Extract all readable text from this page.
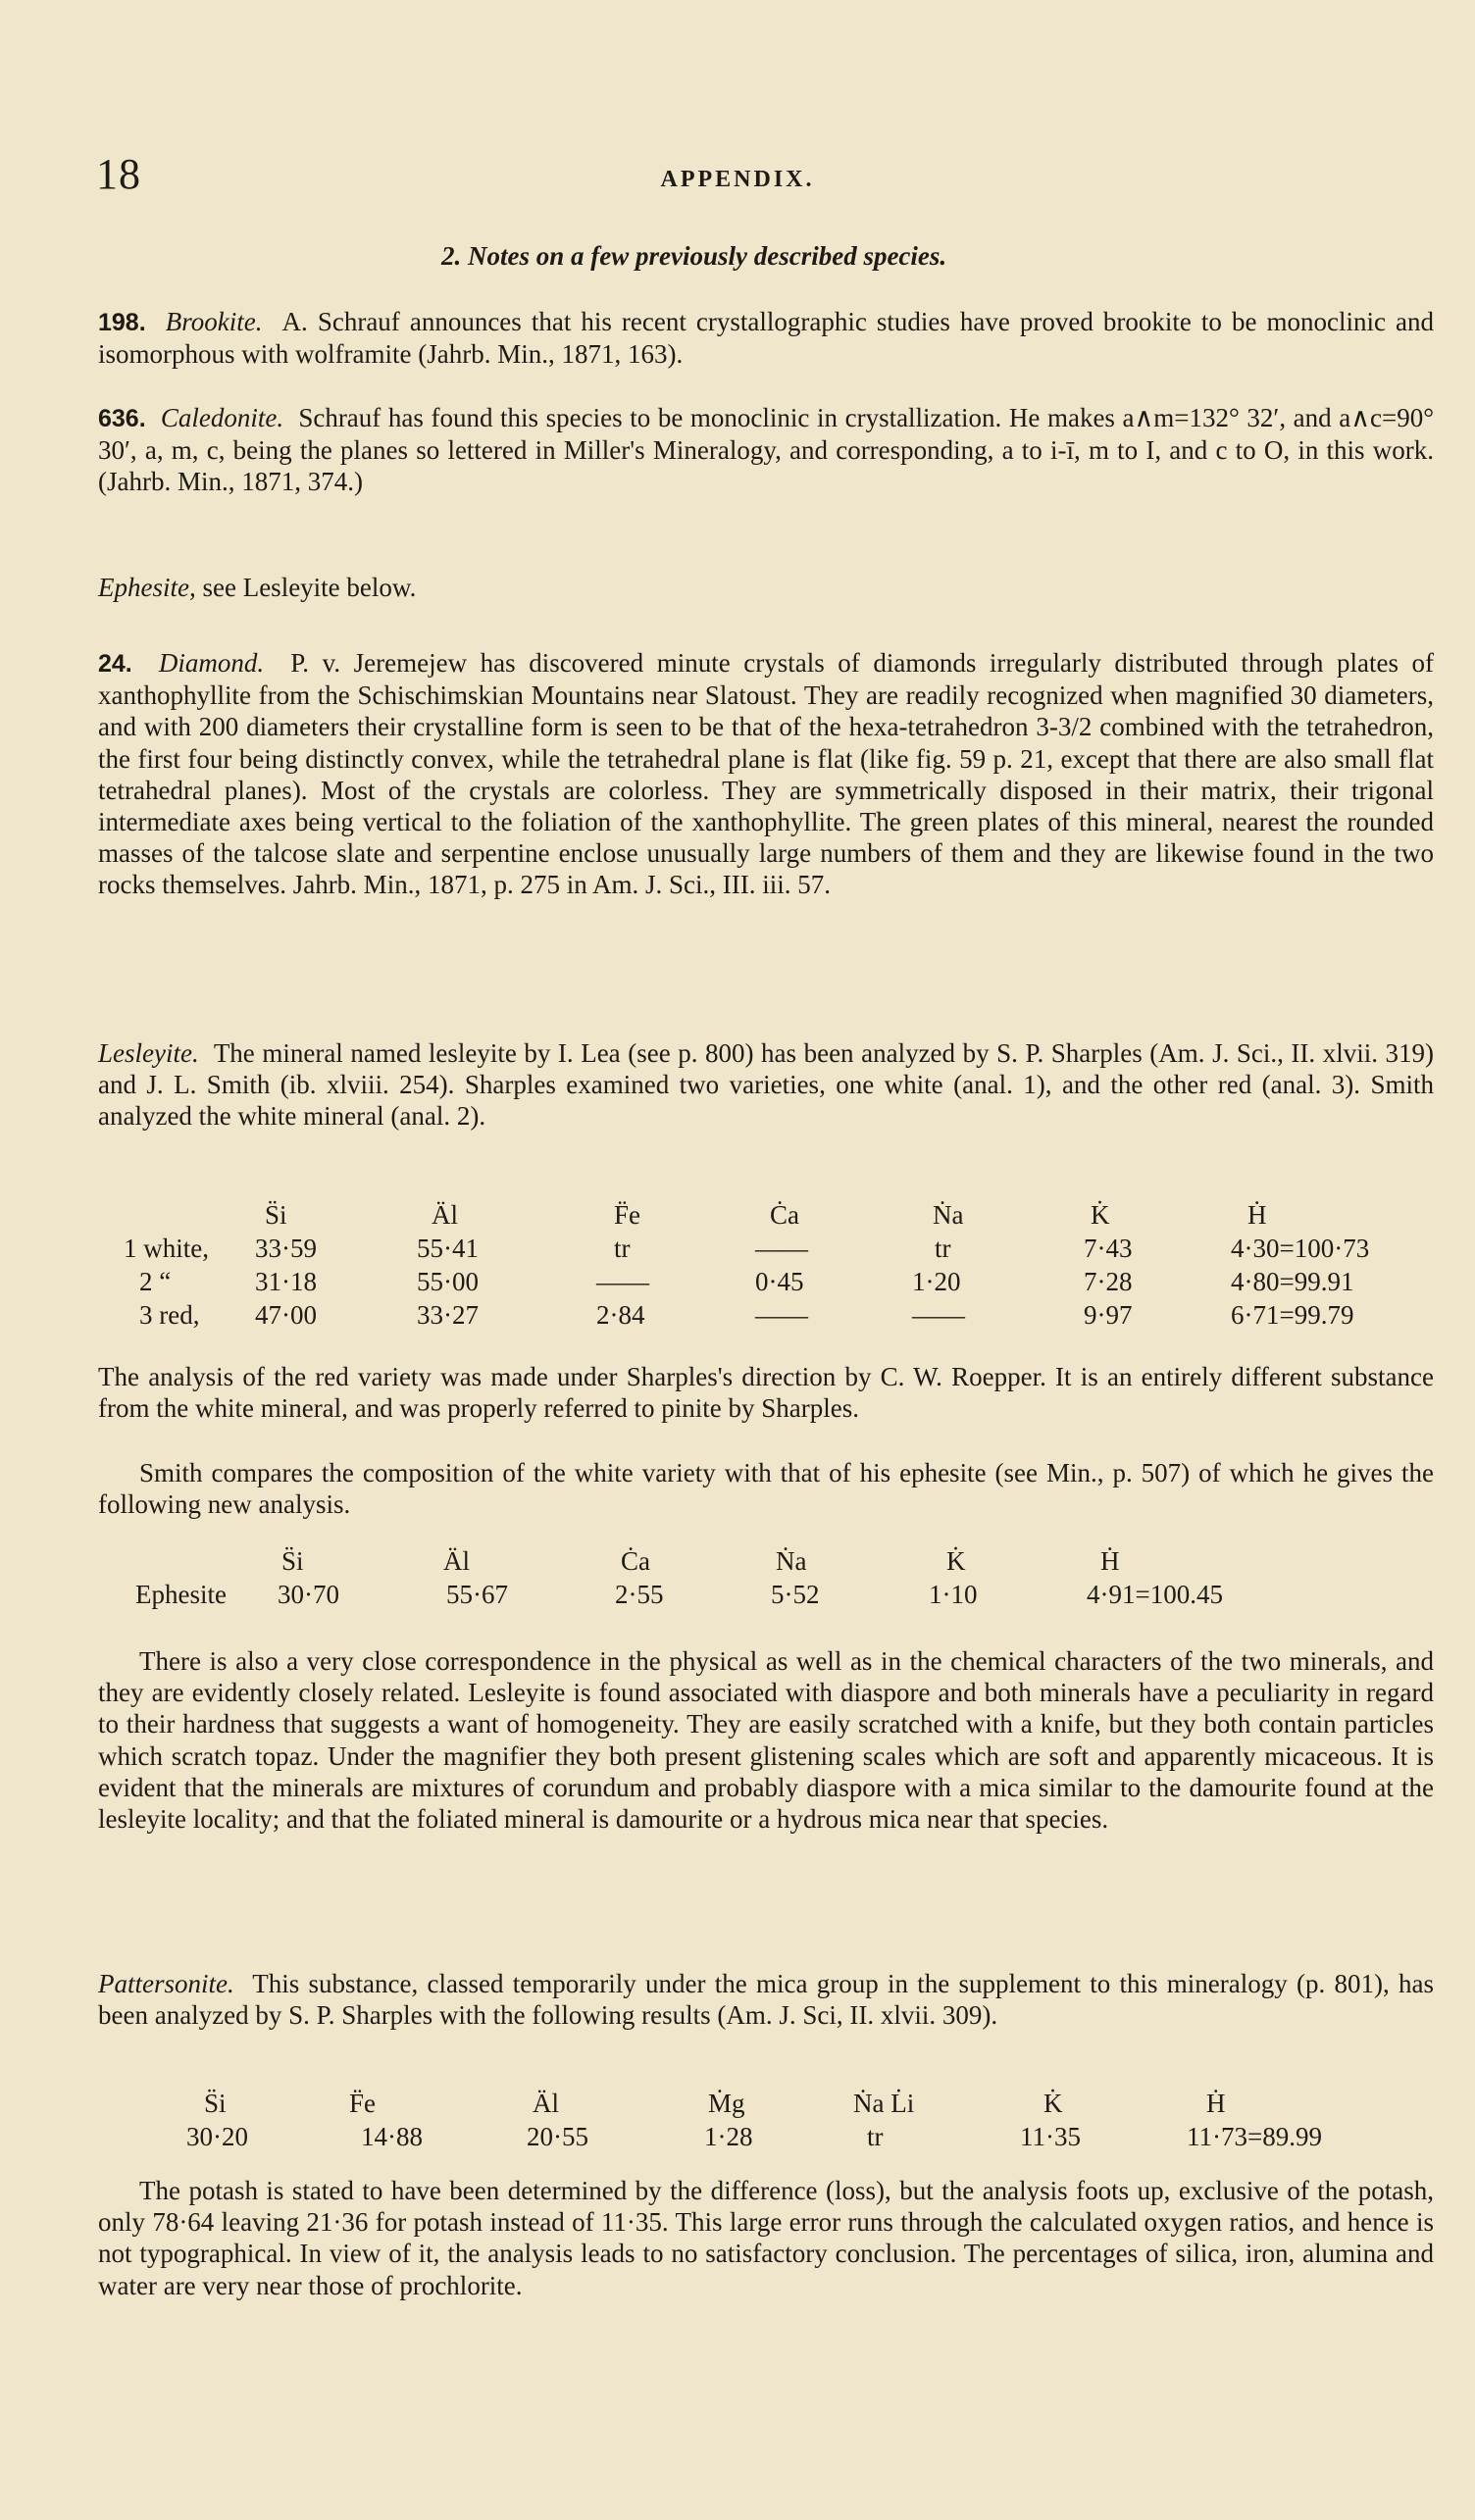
18	APPENDIX.
2. Notes on a few previously described species.
198. Brookite. A. Schrauf announces that his recent crystallographic studies have proved brookite to be monoclinic and isomorphous with wolframite (Jahrb. Min., 1871, 163).
636. Caledonite. Schrauf has found this species to be monoclinic in crystallization. He makes a∧m=132° 32′, and a∧c=90° 30′, a, m, c, being the planes so lettered in Miller's Mineralogy, and corresponding, a to i-ī, m to I, and c to O, in this work. (Jahrb. Min., 1871, 374.)
Ephesite, see Lesleyite below.
24. Diamond. P. v. Jeremejew has discovered minute crystals of diamonds irregularly distributed through plates of xanthophyllite from the Schischimskian Mountains near Slatoust. They are readily recognized when magnified 30 diameters, and with 200 diameters their crystalline form is seen to be that of the hexa-tetrahedron 3-3/2 combined with the tetrahedron, the first four being distinctly convex, while the tetrahedral plane is flat (like fig. 59 p. 21, except that there are also small flat tetrahedral planes). Most of the crystals are colorless. They are symmetrically disposed in their matrix, their trigonal intermediate axes being vertical to the foliation of the xanthophyllite. The green plates of this mineral, nearest the rounded masses of the talcose slate and serpentine enclose unusually large numbers of them and they are likewise found in the two rocks themselves. Jahrb. Min., 1871, p. 275 in Am. J. Sci., III. iii. 57.
Lesleyite. The mineral named lesleyite by I. Lea (see p. 800) has been analyzed by S. P. Sharples (Am. J. Sci., II. xlvii. 319) and J. L. Smith (ib. xlviii. 254). Sharples examined two varieties, one white (anal. 1), and the other red (anal. 3). Smith analyzed the white mineral (anal. 2).
S̈i	Äl	F̈e	Ċa	Ṅa	K̇	Ḣ
1 white, 33·59	55·41	tr	——	tr	7·43	4·30=100·73
2 “	31·18	55·00	——	0·45	1·20	7·28	4·80=99.91
3 red, 47·00	33·27	2·84	——	——	9·97	6·71=99.79
The analysis of the red variety was made under Sharples's direction by C. W. Roepper. It is an entirely different substance from the white mineral, and was properly referred to pinite by Sharples.
Smith compares the composition of the white variety with that of his ephesite (see Min., p. 507) of which he gives the following new analysis.
S̈i	Äl	Ċa	Ṅa	K̇	Ḣ
Ephesite 30·70	55·67	2·55	5·52	1·10	4·91=100.45
There is also a very close correspondence in the physical as well as in the chemical characters of the two minerals, and they are evidently closely related. Lesleyite is found associated with diaspore and both minerals have a peculiarity in regard to their hardness that suggests a want of homogeneity. They are easily scratched with a knife, but they both contain particles which scratch topaz. Under the magnifier they both present glistening scales which are soft and apparently micaceous. It is evident that the minerals are mixtures of corundum and probably diaspore with a mica similar to the damourite found at the lesleyite locality; and that the foliated mineral is damourite or a hydrous mica near that species.
Pattersonite. This substance, classed temporarily under the mica group in the supplement to this mineralogy (p. 801), has been analyzed by S. P. Sharples with the following results (Am. J. Sci, II. xlvii. 309).
S̈i	F̈e	Äl	Ṁg	Ṅa L̇i	K̇	Ḣ
30·20	14·88	20·55	1·28	tr	11·35	11·73=89.99
The potash is stated to have been determined by the difference (loss), but the analysis foots up, exclusive of the potash, only 78·64 leaving 21·36 for potash instead of 11·35. This large error runs through the calculated oxygen ratios, and hence is not typographical. In view of it, the analysis leads to no satisfactory conclusion. The percentages of silica, iron, alumina and water are very near those of prochlorite.
